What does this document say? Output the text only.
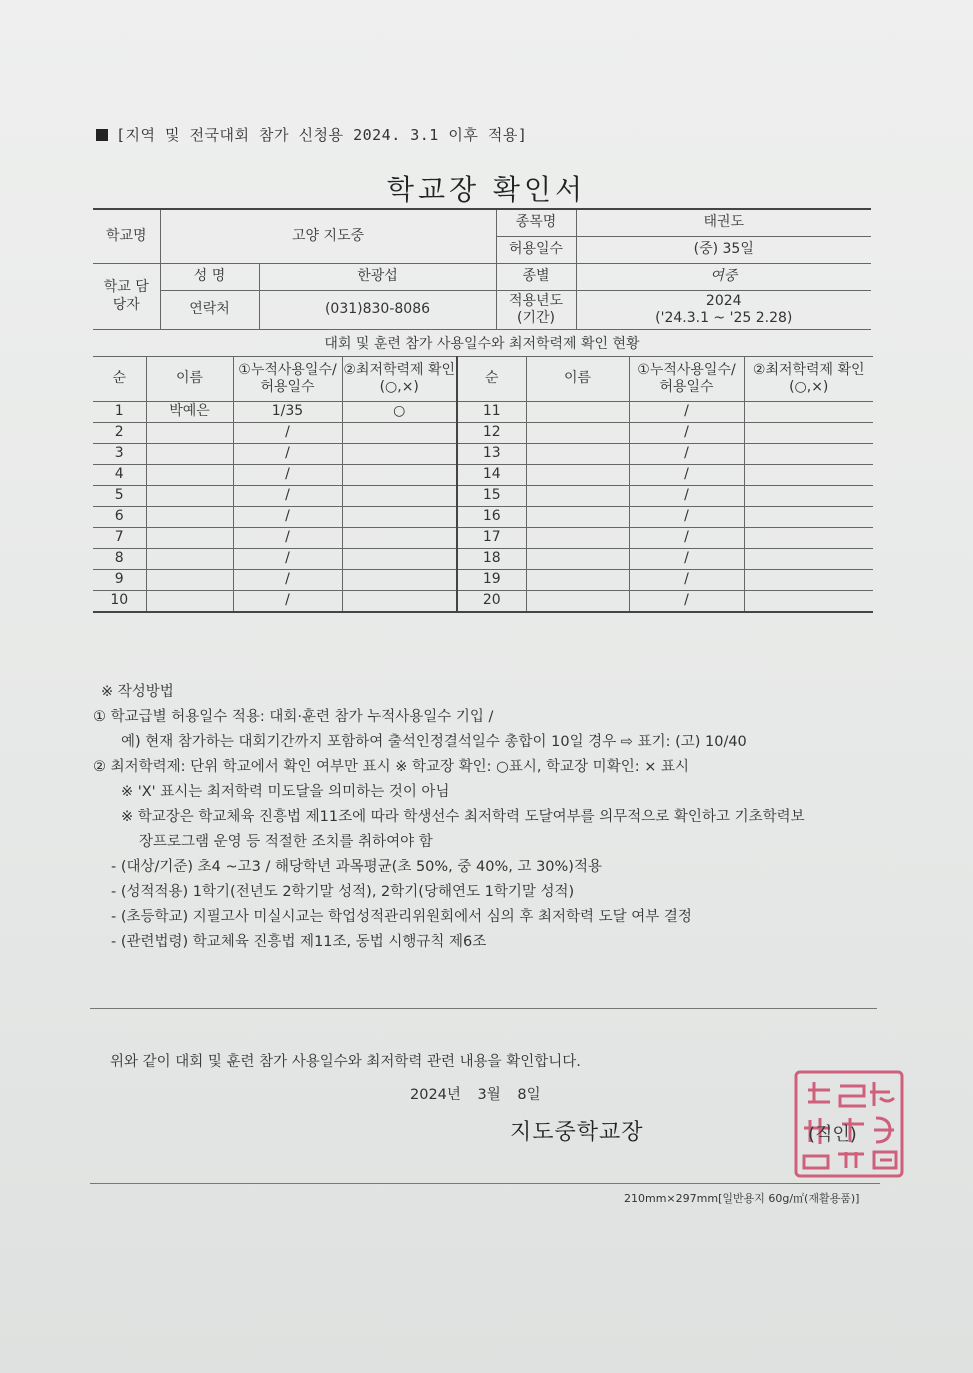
[지역 및 전국대회 참가 신청용 2024. 3.1 이후 적용]
학교장 확인서
학교명	고양 지도중		종목명	태권도
			허용일수	(중) 35일
학교 담당자	성 명	한광섭	종별	여중
	연락처	(031)830-8086	적용년도 (기간)	2024
('24.3.1 ~ '25 2.28)
대회 및 훈련 참가 사용일수와 최저학력제 확인 현황
순	이름	①누적사용일수/ 허용일수	②최저학력제 확인(○,×)	순	이름	①누적사용일수/ 허용일수	②최저학력제 확인(○,×)
1	박예은	1/35	○	11		/	
2		/		12		/	
3		/		13		/	
4		/		14		/	
5		/		15		/	
6		/		16		/	
7		/		17		/	
8		/		18		/	
9		/		19		/	
10		/		20		/	
※ 작성방법
① 학교급별 허용일수 적용: 대회·훈련 참가 누적사용일수 기입 /
예) 현재 참가하는 대회기간까지 포함하여 출석인정결석일수 총합이 10일 경우 ⇨ 표기: (고) 10/40
② 최저학력제: 단위 학교에서 확인 여부만 표시 ※ 학교장 확인: ○표시, 학교장 미확인: × 표시
※ 'X' 표시는 최저학력 미도달을 의미하는 것이 아님
※ 학교장은 학교체육 진흥법 제11조에 따라 학생선수 최저학력 도달여부를 의무적으로 확인하고 기초학력보
장프로그램 운영 등 적절한 조치를 취하여야 함
- (대상/기준) 초4 ~고3 / 해당학년 과목평균(초 50%, 중 40%, 고 30%)적용
- (성적적용) 1학기(전년도 2학기말 성적), 2학기(당해연도 1학기말 성적)
- (초등학교) 지필고사 미실시교는 학업성적관리위원회에서 심의 후 최저학력 도달 여부 결정
- (관련법령) 학교체육 진흥법 제11조, 동법 시행규칙 제6조
위와 같이 대회 및 훈련 참가 사용일수와 최저학력 관련 내용을 확인합니다.
2024년 3월 8일
지도중학교장	(직인)
210mm×297mm[일반용지 60g/㎡(재활용품)]
